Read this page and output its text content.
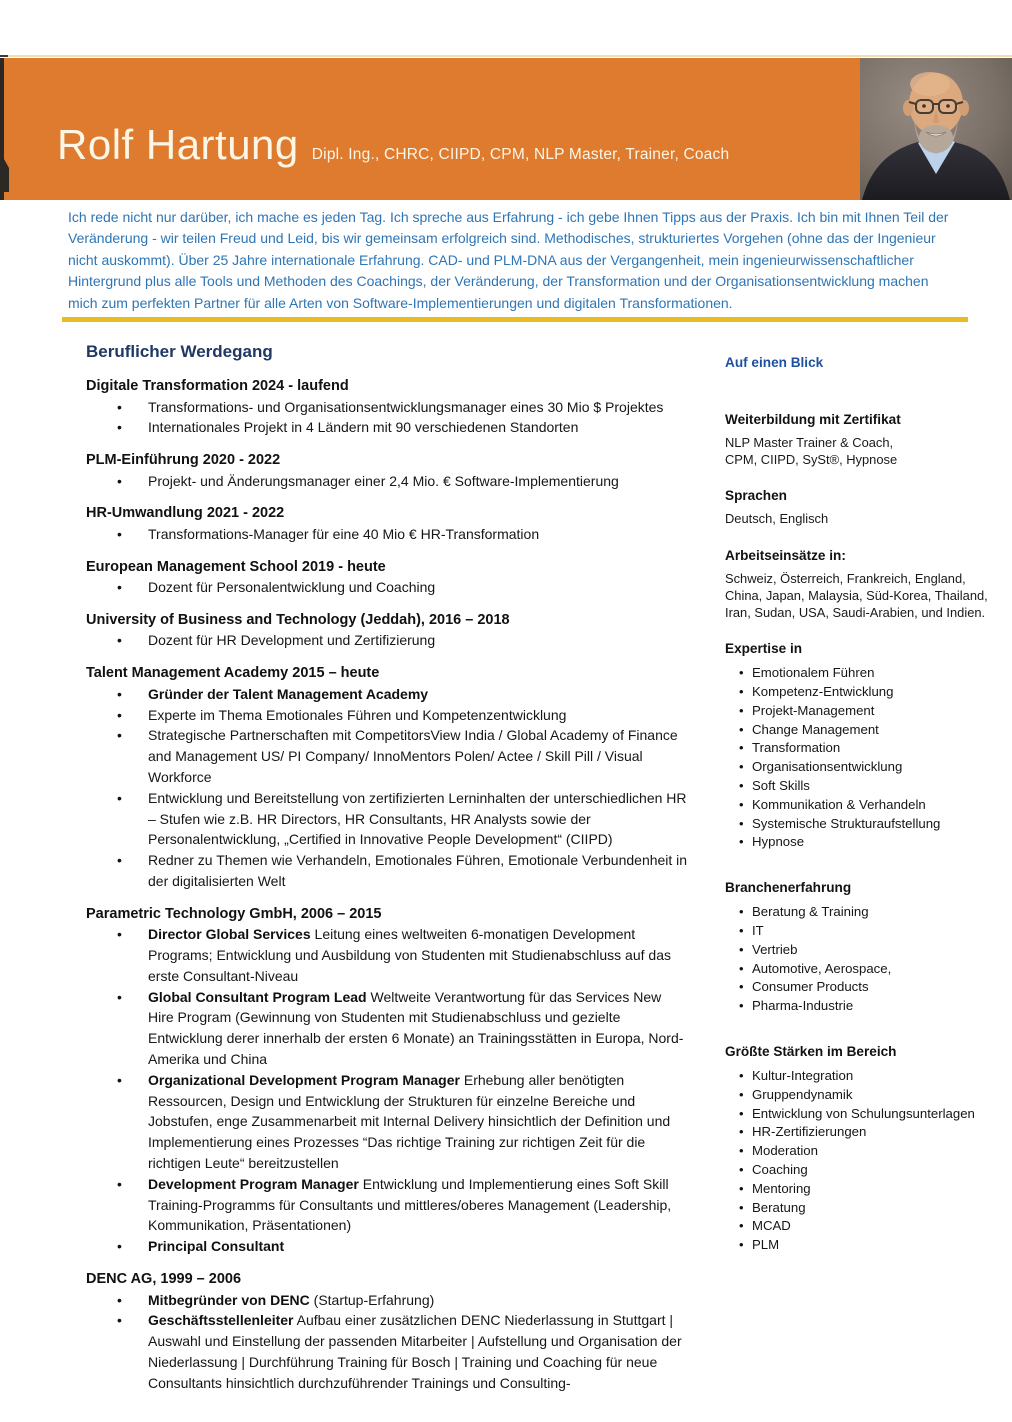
Rolf Hartung Dipl. Ing., CHRC, CIIPD, CPM, NLP Master, Trainer, Coach

Ich rede nicht nur darüber, ich mache es jeden Tag. Ich spreche aus Erfahrung - ich gebe Ihnen Tipps aus der Praxis. Ich bin mit Ihnen Teil der Veränderung - wir teilen Freud und Leid, bis wir gemeinsam erfolgreich sind. Methodisches, strukturiertes Vorgehen (ohne das der Ingenieur nicht auskommt). Über 25 Jahre internationale Erfahrung. CAD- und PLM-DNA aus der Vergangenheit, mein ingenieurwissenschaftlicher Hintergrund plus alle Tools und Methoden des Coachings, der Veränderung, der Transformation und der Organisationsentwicklung machen mich zum perfekten Partner für alle Arten von Software-Implementierungen und digitalen Transformationen.

Beruflicher Werdegang
Digitale Transformation 2024 - laufend
• Transformations- und Organisationsentwicklungsmanager eines 30 Mio $ Projektes
• Internationales Projekt in 4 Ländern mit 90 verschiedenen Standorten
PLM-Einführung 2020 - 2022
• Projekt- und Änderungsmanager einer 2,4 Mio. € Software-Implementierung
HR-Umwandlung 2021 - 2022
• Transformations-Manager für eine 40 Mio € HR-Transformation
European Management School 2019 - heute
• Dozent für Personalentwicklung und Coaching
University of Business and Technology (Jeddah), 2016 – 2018
• Dozent für HR Development und Zertifizierung
Talent Management Academy 2015 – heute
• Gründer der Talent Management Academy
• Experte im Thema Emotionales Führen und Kompetenzentwicklung
• Strategische Partnerschaften mit CompetitorsView India / Global Academy of Finance and Management US/ PI Company/ InnoMentors Polen/ Actee / Skill Pill / Visual Workforce
• Entwicklung und Bereitstellung von zertifizierten Lerninhalten der unterschiedlichen HR – Stufen wie z.B. HR Directors, HR Consultants, HR Analysts sowie der Personalentwicklung, „Certified in Innovative People Development“ (CIIPD)
• Redner zu Themen wie Verhandeln, Emotionales Führen, Emotionale Verbundenheit in der digitalisierten Welt
Parametric Technology GmbH, 2006 – 2015
• Director Global Services Leitung eines weltweiten 6-monatigen Development Programs; Entwicklung und Ausbildung von Studenten mit Studienabschluss auf das erste Consultant-Niveau
• Global Consultant Program Lead Weltweite Verantwortung für das Services New Hire Program (Gewinnung von Studenten mit Studienabschluss und gezielte Entwicklung derer innerhalb der ersten 6 Monate) an Trainingsstätten in Europa, Nord-Amerika und China
• Organizational Development Program Manager Erhebung aller benötigten Ressourcen, Design und Entwicklung der Strukturen für einzelne Bereiche und Jobstufen, enge Zusammenarbeit mit Internal Delivery hinsichtlich der Definition und Implementierung eines Prozesses “Das richtige Training zur richtigen Zeit für die richtigen Leute“ bereitzustellen
• Development Program Manager Entwicklung und Implementierung eines Soft Skill Training-Programms für Consultants und mittleres/oberes Management (Leadership, Kommunikation, Präsentationen)
• Principal Consultant
DENC AG, 1999 – 2006
• Mitbegründer von DENC (Startup-Erfahrung)
• Geschäftsstellenleiter Aufbau einer zusätzlichen DENC Niederlassung in Stuttgart | Auswahl und Einstellung der passenden Mitarbeiter | Aufstellung und Organisation der Niederlassung | Durchführung Training für Bosch | Training und Coaching für neue Consultants hinsichtlich durchzuführender Trainings und Consulting-
Auf einen Blick
Weiterbildung mit Zertifikat
NLP Master Trainer & Coach,
CPM, CIIPD, SySt®, Hypnose
Sprachen
Deutsch, Englisch
Arbeitseinsätze in:
Schweiz, Österreich, Frankreich, England, China, Japan, Malaysia, Süd-Korea, Thailand, Iran, Sudan, USA, Saudi-Arabien, und Indien.
Expertise in
• Emotionalem Führen
• Kompetenz-Entwicklung
• Projekt-Management
• Change Management
• Transformation
• Organisationsentwicklung
• Soft Skills
• Kommunikation & Verhandeln
• Systemische Strukturaufstellung
• Hypnose
Branchenerfahrung
• Beratung & Training
• IT
• Vertrieb
• Automotive, Aerospace,
• Consumer Products
• Pharma-Industrie
Größte Stärken im Bereich
• Kultur-Integration
• Gruppendynamik
• Entwicklung von Schulungsunterlagen
• HR-Zertifizierungen
• Moderation
• Coaching
• Mentoring
• Beratung
• MCAD
• PLM
